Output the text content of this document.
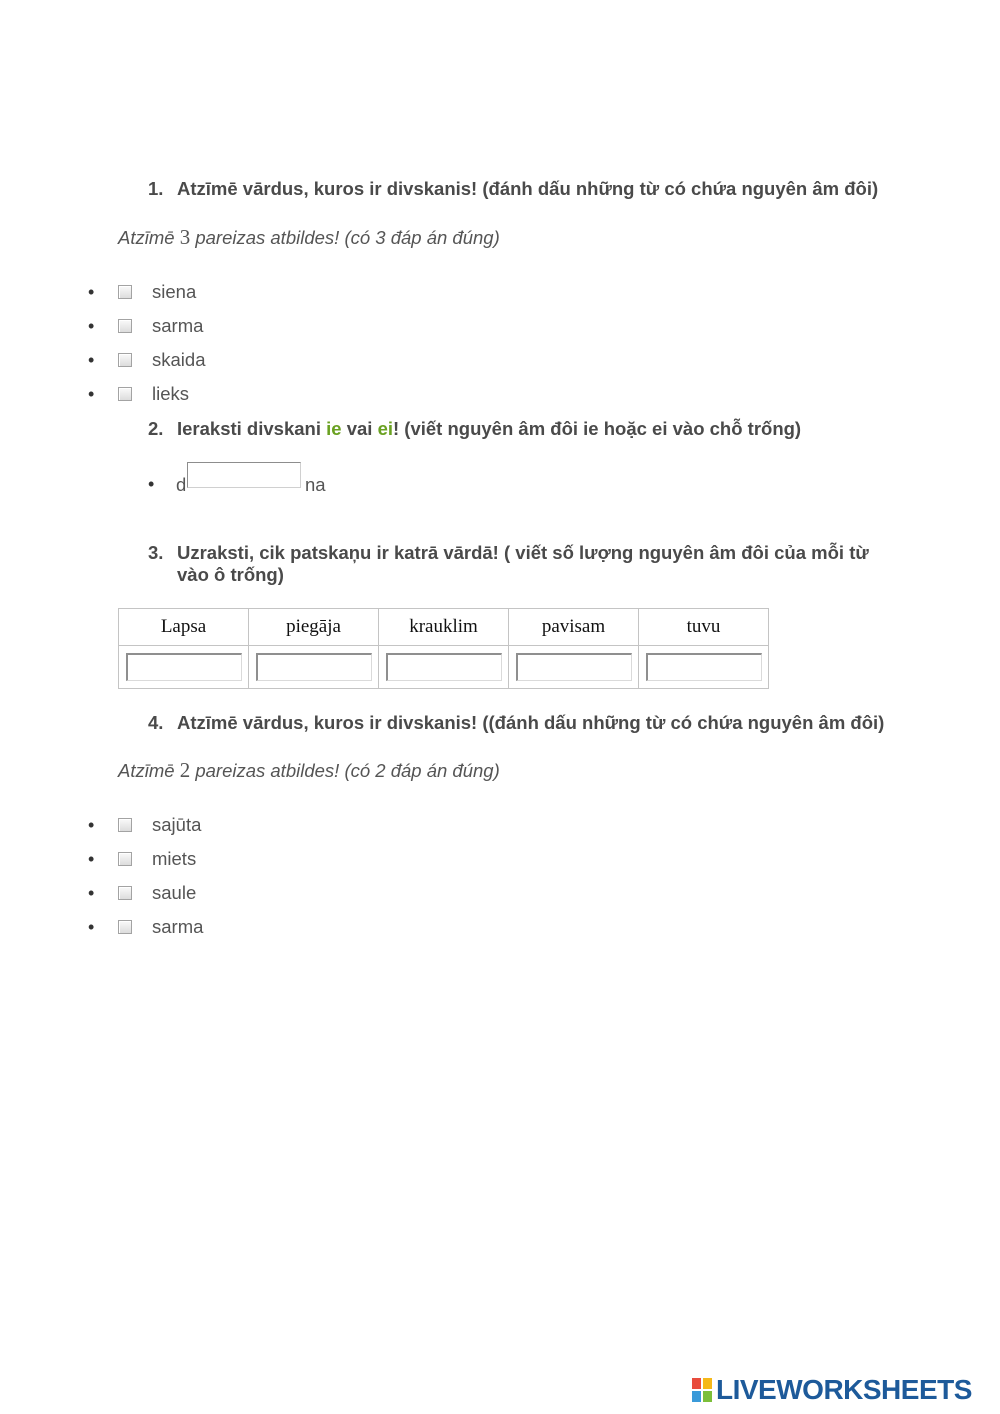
1. Atzīmē vārdus, kuros ir divskanis! (đánh dấu những từ có chứa nguyên âm đôi)
Atzīmē 3 pareizas atbildes! (có 3 đáp án đúng)
•	siena
•	sarma
•	skaida
•	lieks
2. Ieraksti divskani ie vai ei! (viết nguyên âm đôi ie hoặc ei vào chỗ trống)
• d	na
3. Uzraksti, cik patskaņu ir katrā vārdā! ( viết số lượng nguyên âm đôi của mỗi từ vào ô trống)
Lapsa	piegāja	krauklim	pavisam	tuvu

4. Atzīmē vārdus, kuros ir divskanis! ((đánh dấu những từ có chứa nguyên âm đôi)
Atzīmē 2 pareizas atbildes! (có 2 đáp án đúng)
•	sajūta
•	miets
•	saule
•	sarma
LIVEWORKSHEETS
